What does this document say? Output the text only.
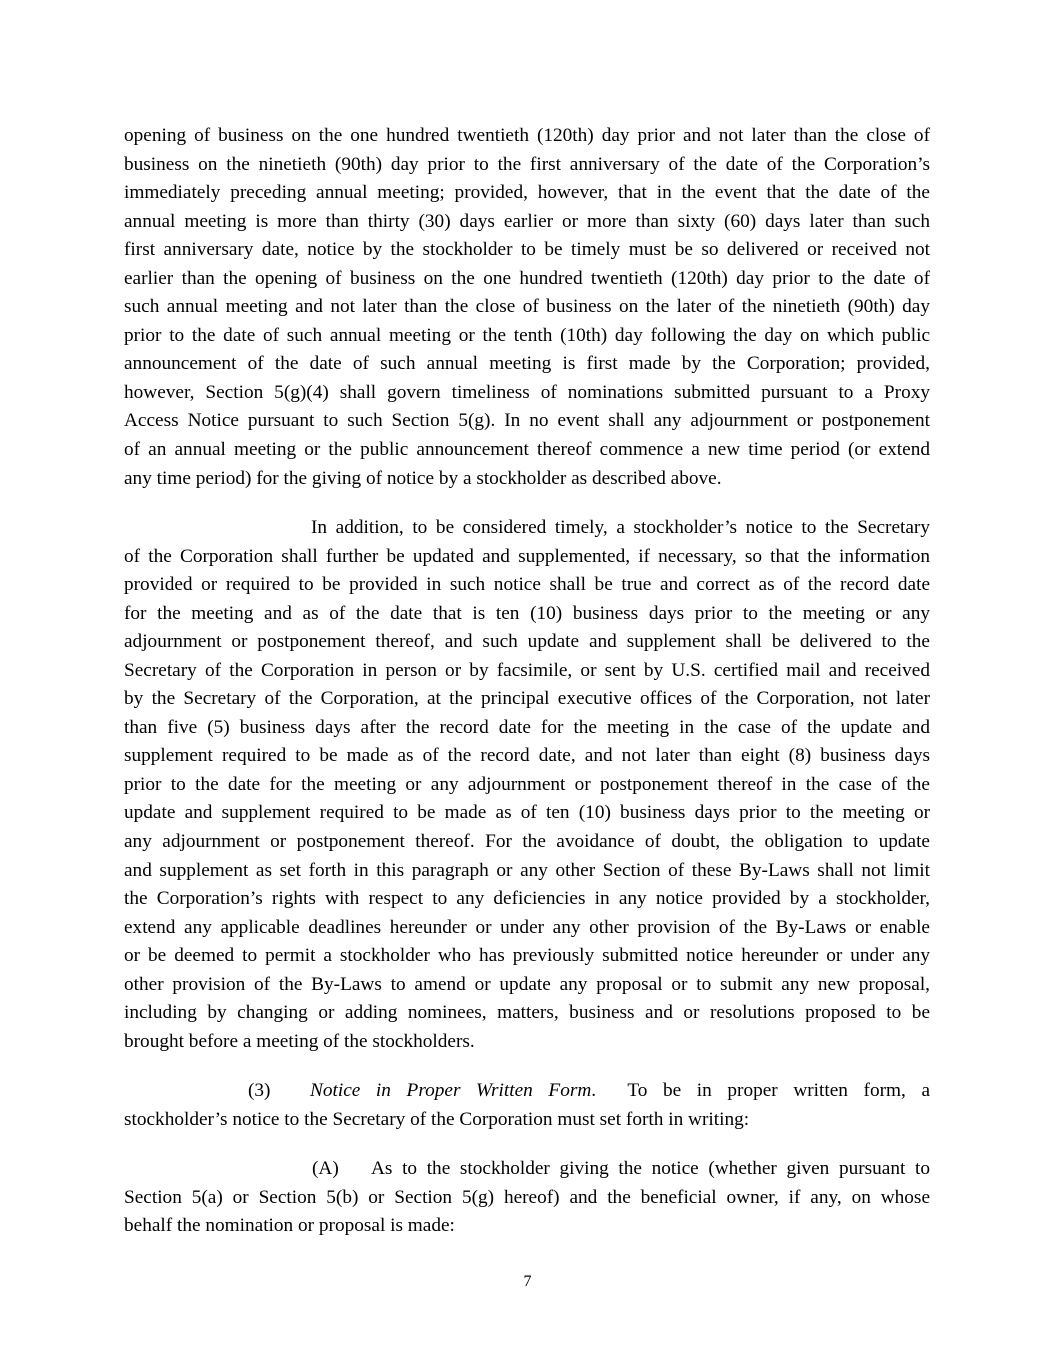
opening of business on the one hundred twentieth (120th) day prior and not later than the close of
business on the ninetieth (90th) day prior to the first anniversary of the date of the Corporation’s
immediately preceding annual meeting; provided, however, that in the event that the date of the
annual meeting is more than thirty (30) days earlier or more than sixty (60) days later than such
first anniversary date, notice by the stockholder to be timely must be so delivered or received not
earlier than the opening of business on the one hundred twentieth (120th) day prior to the date of
such annual meeting and not later than the close of business on the later of the ninetieth (90th) day
prior to the date of such annual meeting or the tenth (10th) day following the day on which public
announcement of the date of such annual meeting is first made by the Corporation; provided,
however, Section 5(g)(4) shall govern timeliness of nominations submitted pursuant to a Proxy
Access Notice pursuant to such Section 5(g). In no event shall any adjournment or postponement
of an annual meeting or the public announcement thereof commence a new time period (or extend
any time period) for the giving of notice by a stockholder as described above.
In addition, to be considered timely, a stockholder’s notice to the Secretary
of the Corporation shall further be updated and supplemented, if necessary, so that the information
provided or required to be provided in such notice shall be true and correct as of the record date
for the meeting and as of the date that is ten (10) business days prior to the meeting or any
adjournment or postponement thereof, and such update and supplement shall be delivered to the
Secretary of the Corporation in person or by facsimile, or sent by U.S. certified mail and received
by the Secretary of the Corporation, at the principal executive offices of the Corporation, not later
than five (5) business days after the record date for the meeting in the case of the update and
supplement required to be made as of the record date, and not later than eight (8) business days
prior to the date for the meeting or any adjournment or postponement thereof in the case of the
update and supplement required to be made as of ten (10) business days prior to the meeting or
any adjournment or postponement thereof. For the avoidance of doubt, the obligation to update
and supplement as set forth in this paragraph or any other Section of these By-Laws shall not limit
the Corporation’s rights with respect to any deficiencies in any notice provided by a stockholder,
extend any applicable deadlines hereunder or under any other provision of the By-Laws or enable
or be deemed to permit a stockholder who has previously submitted notice hereunder or under any
other provision of the By-Laws to amend or update any proposal or to submit any new proposal,
including by changing or adding nominees, matters, business and or resolutions proposed to be
brought before a meeting of the stockholders.
(3) Notice in Proper Written Form. To be in proper written form, a
stockholder’s notice to the Secretary of the Corporation must set forth in writing:
(A) As to the stockholder giving the notice (whether given pursuant to
Section 5(a) or Section 5(b) or Section 5(g) hereof) and the beneficial owner, if any, on whose
behalf the nomination or proposal is made:
7
